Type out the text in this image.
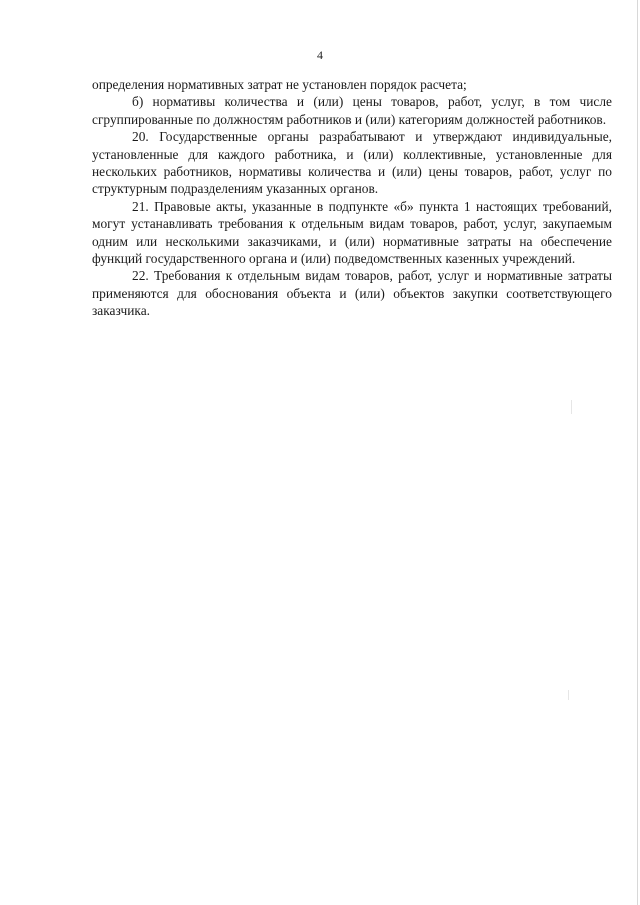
4

определения нормативных затрат не установлен порядок расчета;

б) нормативы количества и (или) цены товаров, работ, услуг, в том числе сгруппированные по должностям работников и (или) категориям должностей работников.

20. Государственные органы разрабатывают и утверждают индивидуальные, установленные для каждого работника, и (или) коллективные, установленные для нескольких работников, нормативы количества и (или) цены товаров, работ, услуг по структурным подразделениям указанных органов.

21. Правовые акты, указанные в подпункте «б» пункта 1 настоящих требований, могут устанавливать требования к отдельным видам товаров, работ, услуг, закупаемым одним или несколькими заказчиками, и (или) нормативные затраты на обеспечение функций государственного органа и (или) подведомственных казенных учреждений.

22. Требования к отдельным видам товаров, работ, услуг и нормативные затраты применяются для обоснования объекта и (или) объектов закупки соответствующего заказчика.
